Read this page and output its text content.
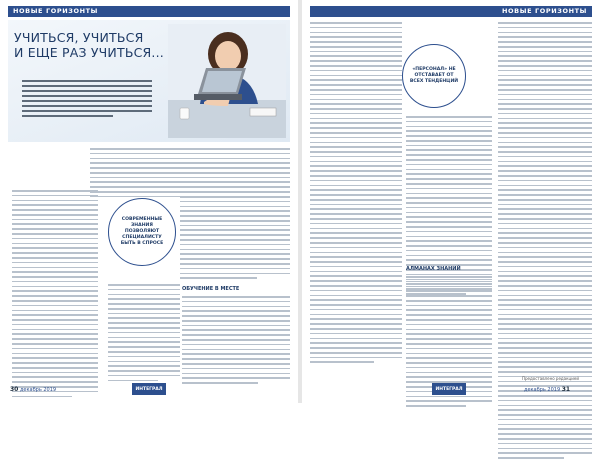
НОВЫЕ ГОРИЗОНТЫ
УЧИТЬСЯ, УЧИТЬСЯ
И ЕЩЕ РАЗ УЧИТЬСЯ...
СОВРЕМЕННЫЕ ЗНАНИЯ ПОЗВОЛЯЮТ СПЕЦИАЛИСТУ БЫТЬ В СПРОСЕ
ОБУЧЕНИЕ В МЕСТЕ
30 декабрь 2019	ИНТЕГРАЛ
НОВЫЕ ГОРИЗОНТЫ
«ПЕРСОНАЛ» НЕ ОТСТАВАЕТ ОТ ВСЕХ ТЕНДЕНЦИЙ
АЛМАНАХ ЗНАНИЙ
Предоставлено редакцией
ИНТЕГРАЛ	декабрь 2019 31
